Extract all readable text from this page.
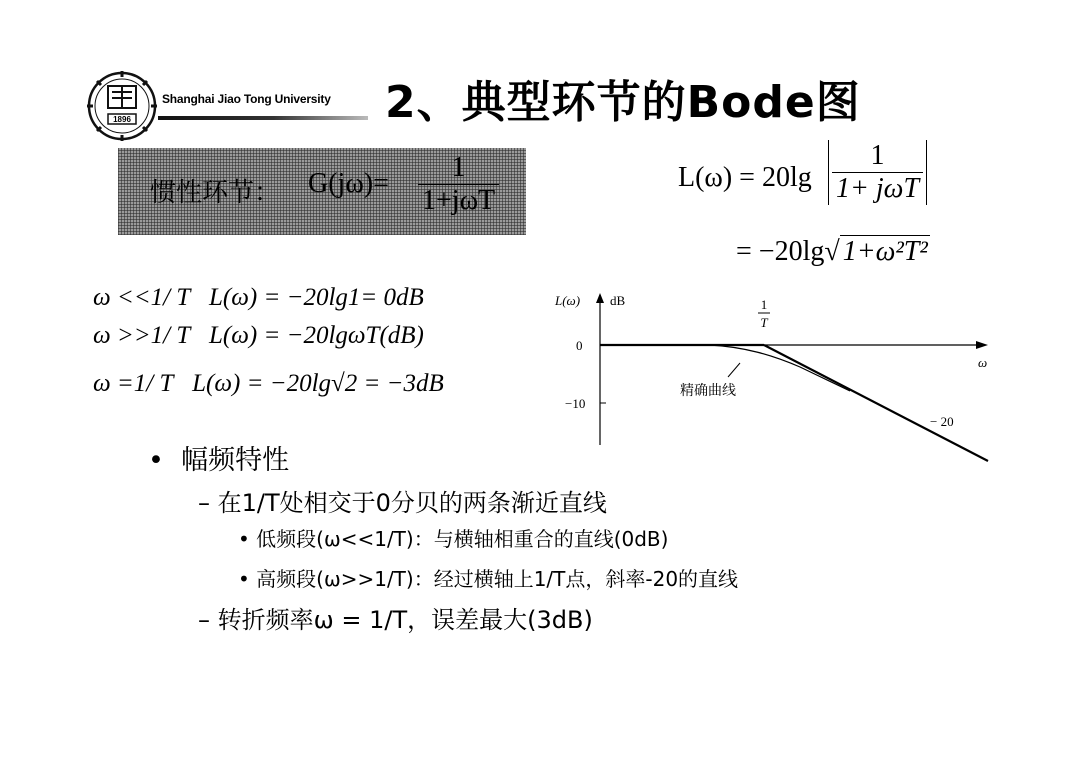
1896
Shanghai Jiao Tong University 2、典型环节的Bode图
惯性环节： $G(j\omega)= \frac{1}{\text{1+jωT}}$	$L(\omega) = 20\lg \frac{1}{\text{1+ jωT}}$
= −20lg√ 1+ω²T²
ω <<1/ T L(ω) = −20lg1= 0dB
ω >>1/ T L(ω) = −20lgωT(dB)
ω =1/ T L(ω) = −20lg√2 = −3dB
L(ω) dB
0
−10
ω
1
T
精确曲线
− 20
• 幅频特性
– 在1/T处相交于0分贝的两条渐近直线
• 低频段(ω<<1/T)：与横轴相重合的直线(0dB)
• 高频段(ω>>1/T)：经过横轴上1/T点，斜率-20的直线
– 转折频率ω = 1/T，误差最大(3dB)
